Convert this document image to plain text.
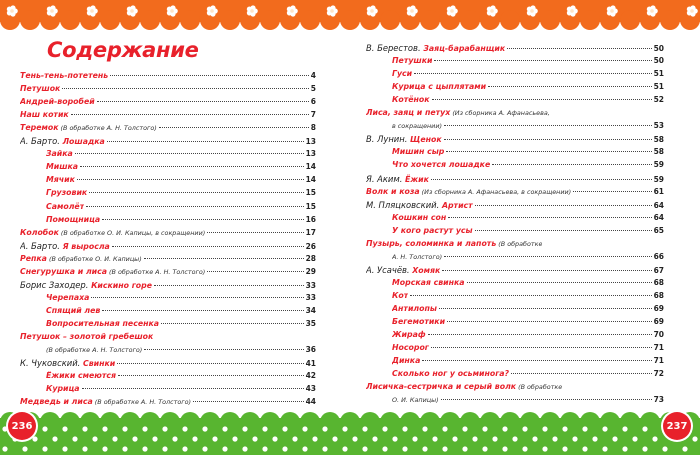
Содержание
Тень-тень-потетень	4
Петушок	5
Андрей-воробей	6
Наш котик	7
Теремок (В обработке А. Н. Толстого)	8
А. Барто. Лошадка	13
Зайка	13
Мишка	14
Мячик	14
Грузовик	15
Самолёт	15
Помощница	16
Колобок (В обработке О. И. Капицы, в сокращении)	17
А. Барто. Я выросла	26
Репка (В обработке О. И. Капицы)	28
Снегурушка и лиса (В обработке А. Н. Толстого)	29
Борис Заходер. Кискино горе	33
Черепаха	33
Спящий лев	34
Вопросительная песенка	35
Петушок – золотой гребешок
(В обработке А. Н. Толстого)	36
К. Чуковский. Свинки	41
Ёжики смеются	42
Курица	43
Медведь и лиса (В обработке А. Н. Толстого)	44
В. Берестов. Заяц-барабанщик	50
Петушки	50
Гуси	51
Курица с цыплятами	51
Котёнок	52
Лиса, заяц и петух (Из сборника А. Афанасьева,
в сокращении)	53
В. Лунин. Щенок	58
Мишин сыр	58
Что хочется лошадке	59
Я. Аким. Ёжик	59
Волк и коза (Из сборника А. Афанасьева, в сокращении)	61
М. Пляцковский. Артист	64
Кошкин сон	64
У кого растут усы	65
Пузырь, соломинка и лапоть (В обработке
А. Н. Толстого)	66
А. Усачёв. Хомяк	67
Морская свинка	68
Кот	68
Антилопы	69
Бегемотики	69
Жираф	70
Носорог	71
Динка	71
Сколько ног у осьминога?	72
Лисичка-сестричка и серый волк (В обработке
О. И. Капицы)	73
236	237
